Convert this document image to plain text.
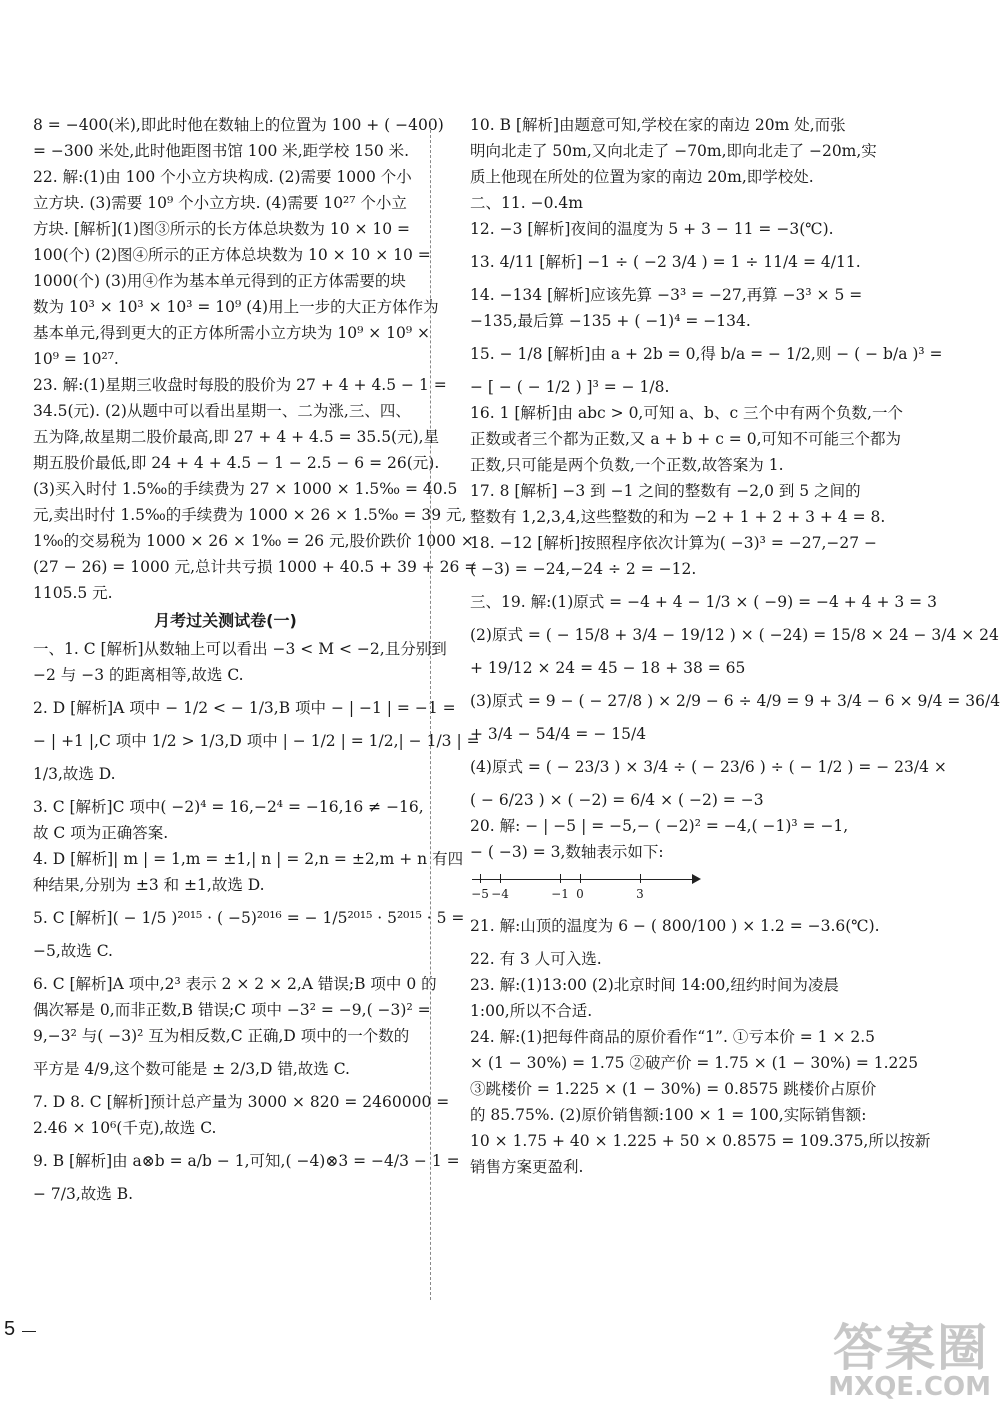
8 = −400(米),即此时他在数轴上的位置为 100 + ( −400)
= −300 米处,此时他距图书馆 100 米,距学校 150 米.
22. 解:(1)由 100 个小立方块构成. (2)需要 1000 个小
立方块. (3)需要 10⁹ 个小立方块. (4)需要 10²⁷ 个小立
方块. [解析](1)图③所示的长方体总块数为 10 × 10 =
100(个) (2)图④所示的正方体总块数为 10 × 10 × 10 =
1000(个) (3)用④作为基本单元得到的正方体需要的块
数为 10³ × 10³ × 10³ = 10⁹ (4)用上一步的大正方体作为
基本单元,得到更大的正方体所需小立方块为 10⁹ × 10⁹ ×
10⁹ = 10²⁷.
23. 解:(1)星期三收盘时每股的股价为 27 + 4 + 4.5 − 1 =
34.5(元). (2)从题中可以看出星期一、二为涨,三、四、
五为降,故星期二股价最高,即 27 + 4 + 4.5 = 35.5(元),星
期五股价最低,即 24 + 4 + 4.5 − 1 − 2.5 − 6 = 26(元).
(3)买入时付 1.5‰的手续费为 27 × 1000 × 1.5‰ = 40.5
元,卖出时付 1.5‰的手续费为 1000 × 26 × 1.5‰ = 39 元,
1‰的交易税为 1000 × 26 × 1‰ = 26 元,股价跌价 1000 ×
(27 − 26) = 1000 元,总计共亏损 1000 + 40.5 + 39 + 26 =
1105.5 元.
月考过关测试卷(一)
一、1. C [解析]从数轴上可以看出 −3 < M < −2,且分别到
−2 与 −3 的距离相等,故选 C.
2. D [解析]A 项中 − 1/2 < − 1/3,B 项中 − | −1 | = −1 =
− | +1 |,C 项中 1/2 > 1/3,D 项中 | − 1/2 | = 1/2,| − 1/3 | =
1/3,故选 D.
3. C [解析]C 项中( −2)⁴ = 16,−2⁴ = −16,16 ≠ −16,
故 C 项为正确答案.
4. D [解析]| m | = 1,m = ±1,| n | = 2,n = ±2,m + n 有四
种结果,分别为 ±3 和 ±1,故选 D.
5. C [解析]( − 1/5 )²⁰¹⁵ · ( −5)²⁰¹⁶ = − 1/5²⁰¹⁵ · 5²⁰¹⁵ · 5 =
−5,故选 C.
6. C [解析]A 项中,2³ 表示 2 × 2 × 2,A 错误;B 项中 0 的
偶次幂是 0,而非正数,B 错误;C 项中 −3² = −9,( −3)² =
9,−3² 与( −3)² 互为相反数,C 正确,D 项中的一个数的
平方是 4/9,这个数可能是 ± 2/3,D 错,故选 C.
7. D 8. C [解析]预计总产量为 3000 × 820 = 2460000 =
2.46 × 10⁶(千克),故选 C.
9. B [解析]由 a⊗b = a/b − 1,可知,( −4)⊗3 = −4/3 − 1 =
− 7/3,故选 B.
10. B [解析]由题意可知,学校在家的南边 20m 处,而张
明向北走了 50m,又向北走了 −70m,即向北走了 −20m,实
质上他现在所处的位置为家的南边 20m,即学校处.
二、11. −0.4m
12. −3 [解析]夜间的温度为 5 + 3 − 11 = −3(℃).
13. 4/11 [解析] −1 ÷ ( −2 3/4 ) = 1 ÷ 11/4 = 4/11.
14. −134 [解析]应该先算 −3³ = −27,再算 −3³ × 5 =
−135,最后算 −135 + ( −1)⁴ = −134.
15. − 1/8 [解析]由 a + 2b = 0,得 b/a = − 1/2,则 − ( − b/a )³ =
− [ − ( − 1/2 ) ]³ = − 1/8.
16. 1 [解析]由 abc > 0,可知 a、b、c 三个中有两个负数,一个
正数或者三个都为正数,又 a + b + c = 0,可知不可能三个都为
正数,只可能是两个负数,一个正数,故答案为 1.
17. 8 [解析] −3 到 −1 之间的整数有 −2,0 到 5 之间的
整数有 1,2,3,4,这些整数的和为 −2 + 1 + 2 + 3 + 4 = 8.
18. −12 [解析]按照程序依次计算为( −3)³ = −27,−27 −
( −3) = −24,−24 ÷ 2 = −12.
三、19. 解:(1)原式 = −4 + 4 − 1/3 × ( −9) = −4 + 4 + 3 = 3
(2)原式 = ( − 15/8 + 3/4 − 19/12 ) × ( −24) = 15/8 × 24 − 3/4 × 24
+ 19/12 × 24 = 45 − 18 + 38 = 65
(3)原式 = 9 − ( − 27/8 ) × 2/9 − 6 ÷ 4/9 = 9 + 3/4 − 6 × 9/4 = 36/4
+ 3/4 − 54/4 = − 15/4
(4)原式 = ( − 23/3 ) × 3/4 ÷ ( − 23/6 ) ÷ ( − 1/2 ) = − 23/4 ×
( − 6/23 ) × ( −2) = 6/4 × ( −2) = −3
20. 解: − | −5 | = −5,− ( −2)² = −4,( −1)³ = −1,
− ( −3) = 3,数轴表示如下:
−5 −4	−1 0	3
21. 解:山顶的温度为 6 − ( 800/100 ) × 1.2 = −3.6(℃).
22. 有 3 人可入选.
23. 解:(1)13:00 (2)北京时间 14:00,纽约时间为凌晨
1:00,所以不合适.
24. 解:(1)把每件商品的原价看作“1”. ①亏本价 = 1 × 2.5
× (1 − 30%) = 1.75 ②破产价 = 1.75 × (1 − 30%) = 1.225
③跳楼价 = 1.225 × (1 − 30%) = 0.8575 跳楼价占原价
的 85.75%. (2)原价销售额:100 × 1 = 100,实际销售额:
10 × 1.75 + 40 × 1.225 + 50 × 0.8575 = 109.375,所以按新
销售方案更盈利.
5	答案圈
MXQE.COM
